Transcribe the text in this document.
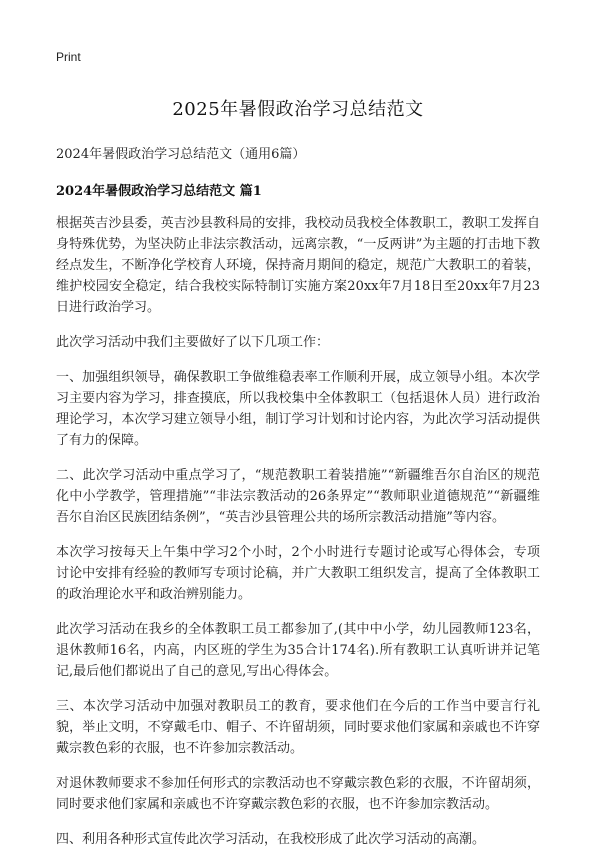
Print
2025年暑假政治学习总结范文

2024年暑假政治学习总结范文（通用6篇）

2024年暑假政治学习总结范文 篇1

根据英吉沙县委，英吉沙县教科局的安排，我校动员我校全体教职工，教职工发挥自身特殊优势，为坚决防止非法宗教活动，远离宗教，“一反两讲”为主题的打击地下教经点发生，不断净化学校育人环境，保持斋月期间的稳定，规范广大教职工的着装，维护校园安全稳定，结合我校实际特制订实施方案20xx年7月18日至20xx年7月23日进行政治学习。

此次学习活动中我们主要做好了以下几项工作：

一、加强组织领导，确保教职工争做维稳表率工作顺利开展，成立领导小组。本次学习主要内容为学习，排查摸底，所以我校集中全体教职工（包括退休人员）进行政治理论学习，本次学习建立领导小组，制订学习计划和讨论内容，为此次学习活动提供了有力的保障。

二、此次学习活动中重点学习了，“规范教职工着装措施”“新疆维吾尔自治区的规范化中小学教学，管理措施”“非法宗教活动的26条界定”“教师职业道德规范”“新疆维吾尔自治区民族团结条例”，“英吉沙县管理公共的场所宗教活动措施”等内容。

本次学习按每天上午集中学习2个小时，2个小时进行专题讨论或写心得体会，专项讨论中安排有经验的教师写专项讨论稿，并广大教职工组织发言，提高了全体教职工的政治理论水平和政治辨别能力。

此次学习活动在我乡的全体教职工员工都参加了,(其中中小学，幼儿园教师123名，退休教师16名，内高，内区班的学生为35合计174名).所有教职工认真听讲并记笔记,最后他们都说出了自己的意见,写出心得体会。

三、本次学习活动中加强对教职员工的教育，要求他们在今后的工作当中要言行礼貌，举止文明，不穿戴毛巾、帽子、不许留胡须，同时要求他们家属和亲戚也不许穿戴宗教色彩的衣服，也不许参加宗教活动。

对退休教师要求不参加任何形式的宗教活动也不穿戴宗教色彩的衣服，不许留胡须，同时要求他们家属和亲戚也不许穿戴宗教色彩的衣服，也不许参加宗教活动。

四、利用各种形式宣传此次学习活动，在我校形成了此次学习活动的高潮。
